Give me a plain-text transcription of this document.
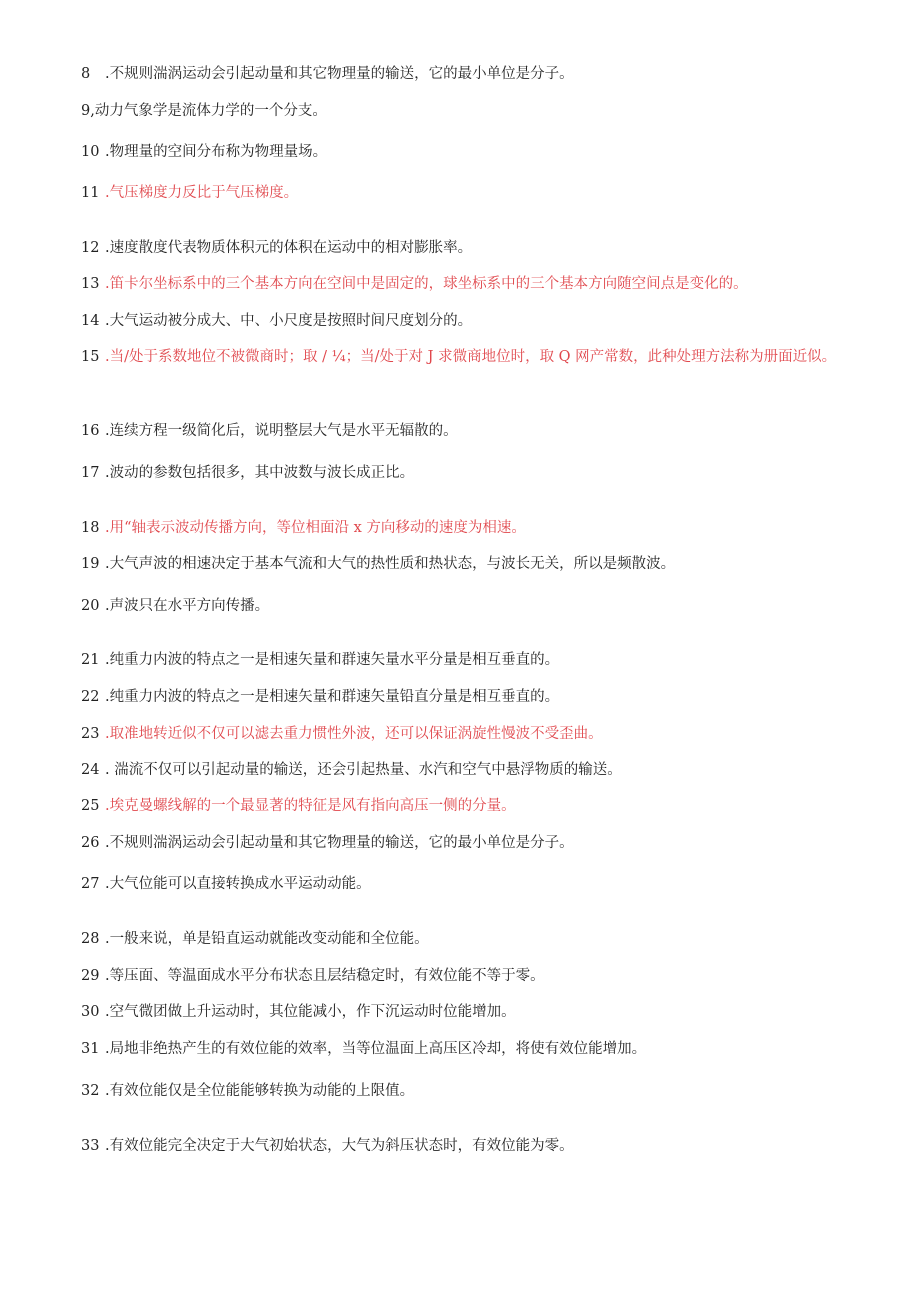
8 .不规则湍涡运动会引起动量和其它物理量的输送，它的最小单位是分子。
9,动力气象学是流体力学的一个分支。
10 .物理量的空间分布称为物理量场。
11 .气压梯度力反比于气压梯度。
12 .速度散度代表物质体积元的体积在运动中的相对膨胀率。
13 .笛卡尔坐标系中的三个基本方向在空间中是固定的，球坐标系中的三个基本方向随空间点是变化的。
14 .大气运动被分成大、中、小尺度是按照时间尺度划分的。
15 .当/处于系数地位不被微商时；取 / ¼；当/处于对 J 求微商地位时，取 Q 网产常数，此种处理方法称为册面近似。
16 .连续方程一级简化后，说明整层大气是水平无辐散的。
17 .波动的参数包括很多，其中波数与波长成正比。
18 .用“轴表示波动传播方向，等位相面沿 x 方向移动的速度为相速。
19 .大气声波的相速决定于基本气流和大气的热性质和热状态，与波长无关，所以是频散波。
20 .声波只在水平方向传播。
21 .纯重力内波的特点之一是相速矢量和群速矢量水平分量是相互垂直的。
22 .纯重力内波的特点之一是相速矢量和群速矢量铅直分量是相互垂直的。
23 .取准地转近似不仅可以滤去重力惯性外波，还可以保证涡旋性慢波不受歪曲。
24 . 湍流不仅可以引起动量的输送，还会引起热量、水汽和空气中悬浮物质的输送。
25 .埃克曼螺线解的一个最显著的特征是风有指向高压一侧的分量。
26 .不规则湍涡运动会引起动量和其它物理量的输送，它的最小单位是分子。
27 .大气位能可以直接转换成水平运动动能。
28 .一般来说，单是铅直运动就能改变动能和全位能。
29 .等压面、等温面成水平分布状态且层结稳定时，有效位能不等于零。
30 .空气微团做上升运动时，其位能减小，作下沉运动时位能增加。
31 .局地非绝热产生的有效位能的效率，当等位温面上高压区冷却，将使有效位能增加。
32 .有效位能仅是全位能能够转换为动能的上限值。
33 .有效位能完全决定于大气初始状态，大气为斜压状态时，有效位能为零。
